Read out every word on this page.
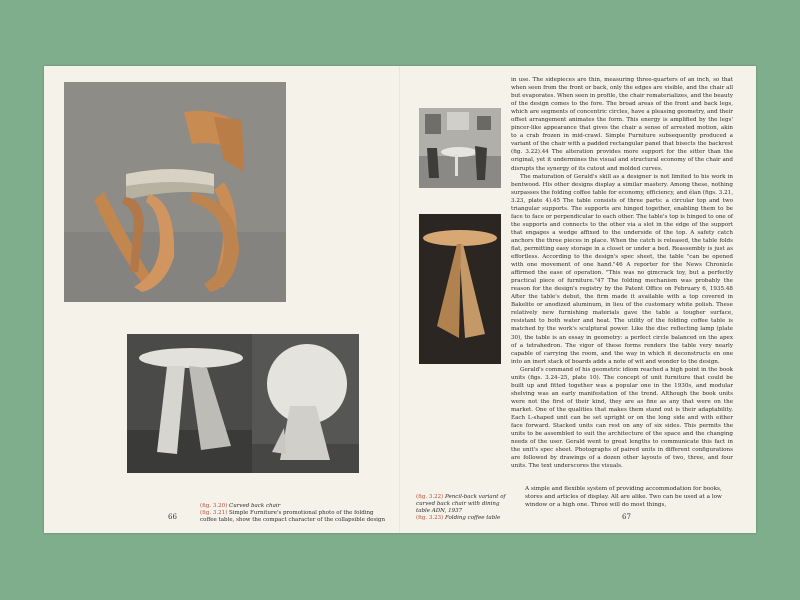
(fig. 3.20) Curved back chair
(fig. 3.21) Simple Furniture's promotional photo of the folding coffee table, show the compact character of the collapsible design
66
(fig. 3.22) Pencil-back variant of curved back chair with dining table ADN, 1937
(fig. 3.23) Folding coffee table

in use. The sidepieces are thin, measuring three-quarters of an inch, so that when seen from the front or back, only the edges are visible, and the chair all but evaporates. When seen in profile, the chair rematerializes, and the beauty of the design comes to the fore. The broad areas of the front and back legs, which are segments of concentric circles, have a pleasing geometry, and their offset arrangement animates the form. This energy is amplified by the legs' pincer-like appearance that gives the chair a sense of arrested motion, akin to a crab frozen in mid-crawl. Simple Furniture subsequently produced a variant of the chair with a padded rectangular panel that bisects the backrest (fig. 3.22).44 The alteration provides more support for the sitter than the original, yet it undermines the visual and structural economy of the chair and disrupts the synergy of its cutout and molded curves.

The maturation of Gerald's skill as a designer is not limited to his work in bentwood. His other designs display a similar mastery. Among these, nothing surpasses the folding coffee table for economy, efficiency, and élan (figs. 3.21, 3.23, plate 4).45 The table consists of three parts: a circular top and two triangular supports. The supports are hinged together, enabling them to be face to face or perpendicular to each other. The table's top is hinged to one of the supports and connects to the other via a slot in the edge of the support that engages a wedge affixed to the underside of the top. A safety catch anchors the three pieces in place. When the catch is released, the table folds flat, permitting easy storage in a closet or under a bed. Reassembly is just as effortless. According to the design's spec sheet, the table "can be opened with one movement of one hand."46 A reporter for the News Chronicle affirmed the ease of operation. "This was no gimcrack toy, but a perfectly practical piece of furniture."47 The folding mechanism was probably the reason for the design's registry by the Patent Office on February 6, 1935.48 After the table's debut, the firm made it available with a top covered in Bakelite or anodized aluminum, in lieu of the customary white polish. These relatively new furnishing materials gave the table a tougher surface, resistant to both water and heat. The utility of the folding coffee table is matched by the work's sculptural power. Like the disc reflecting lamp (plate 30), the table is an essay in geometry: a perfect circle balanced on the apex of a tetrahedron. The vigor of these forms renders the table very nearly capable of carrying the room, and the way in which it deconstructs en one into an inert stack of boards adds a note of wit and wonder to the design.

Gerald's command of his geometric idiom reached a high point in the book units (figs. 3.24–25, plate 10). The concept of unit furniture that could be built up and fitted together was a popular one in the 1930s, and modular shelving was an early manifestation of the trend. Although the book units were not the first of their kind, they are as fine as any that were on the market. One of the qualities that makes them stand out is their adaptability. Each L-shaped unit can be set upright or on the long side and with either face forward. Stacked units can rest on any of six sides. This permits the units to be assembled to suit the architecture of the space and the changing needs of the user. Gerald went to great lengths to communicate this fact in the unit's spec sheet. Photographs of paired units in different configurations are followed by drawings of a dozen other layouts of two, three, and four units. The text underscores the visuals.

A simple and flexible system of providing accommodation for books, stores and articles of display. All are alike. Two can be used at a low window or a high one. Three will do most things,
67
